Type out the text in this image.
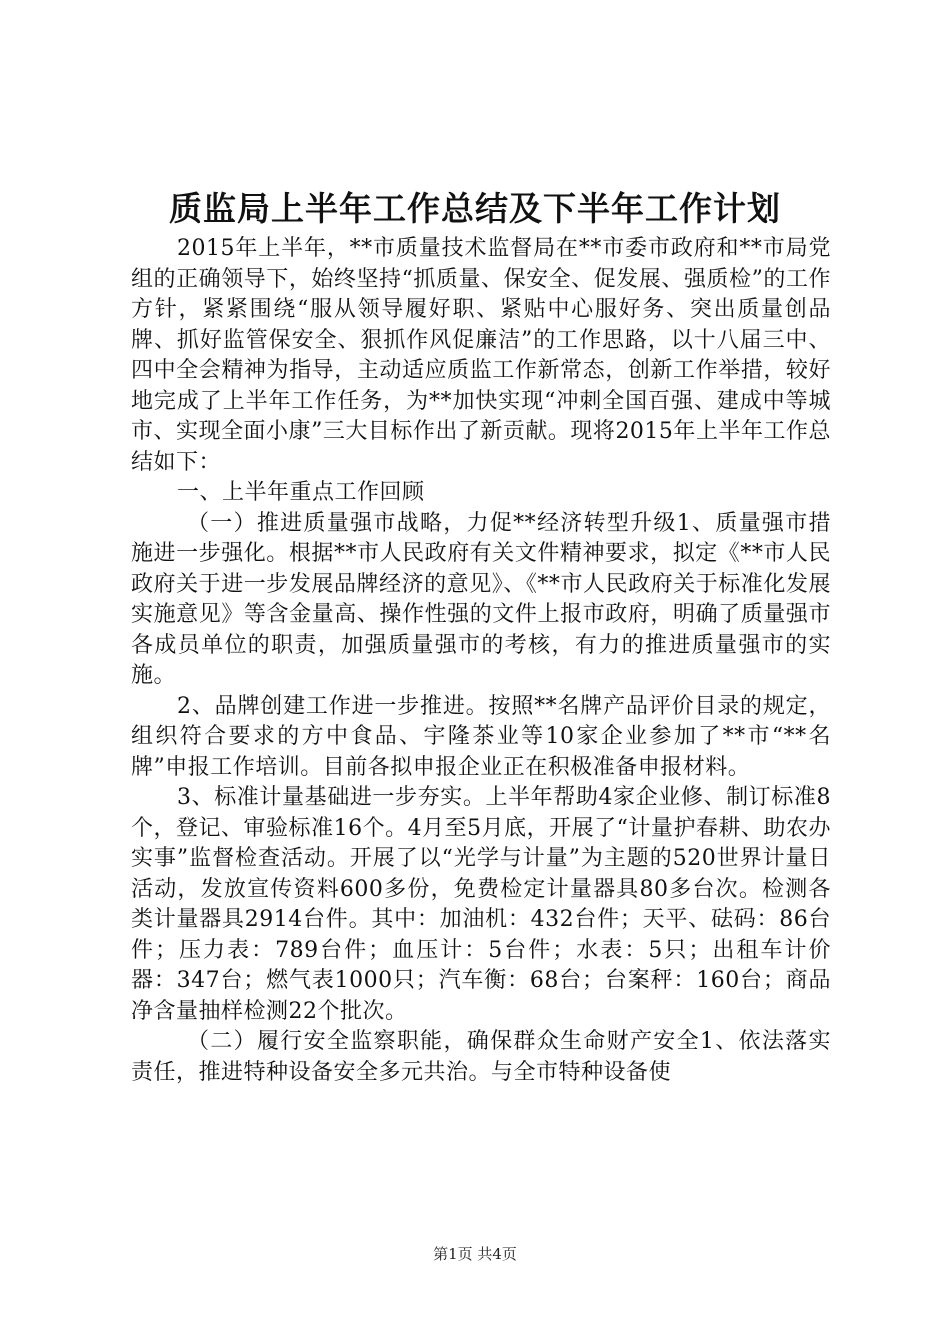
质监局上半年工作总结及下半年工作计划

2015年上半年，**市质量技术监督局在**市委市政府和**市局党组的正确领导下，始终坚持“抓质量、保安全、促发展、强质检”的工作方针，紧紧围绕“服从领导履好职、紧贴中心服好务、突出质量创品牌、抓好监管保安全、狠抓作风促廉洁”的工作思路，以十八届三中、四中全会精神为指导，主动适应质监工作新常态，创新工作举措，较好地完成了上半年工作任务，为**加快实现“冲刺全国百强、建成中等城市、实现全面小康”三大目标作出了新贡献。现将2015年上半年工作总结如下：

一、上半年重点工作回顾

（一）推进质量强市战略，力促**经济转型升级1、质量强市措施进一步强化。根据**市人民政府有关文件精神要求，拟定《**市人民政府关于进一步发展品牌经济的意见》、《**市人民政府关于标准化发展实施意见》等含金量高、操作性强的文件上报市政府，明确了质量强市各成员单位的职责，加强质量强市的考核，有力的推进质量强市的实施。

2、品牌创建工作进一步推进。按照**名牌产品评价目录的规定，组织符合要求的方中食品、宇隆茶业等10家企业参加了**市“**名牌”申报工作培训。目前各拟申报企业正在积极准备申报材料。

3、标准计量基础进一步夯实。上半年帮助4家企业修、制订标准8个，登记、审验标准16个。4月至5月底，开展了“计量护春耕、助农办实事”监督检查活动。开展了以“光学与计量”为主题的520世界计量日活动，发放宣传资料600多份，免费检定计量器具80多台次。检测各类计量器具2914台件。其中：加油机：432台件；天平、砝码：86台件；压力表：789台件；血压计：5台件；水表：5只；出租车计价器：347台；燃气表1000只；汽车衡：68台；台案秤：160台；商品净含量抽样检测22个批次。

（二）履行安全监察职能，确保群众生命财产安全1、依法落实责任，推进特种设备安全多元共治。与全市特种设备使

第1页 共4页
